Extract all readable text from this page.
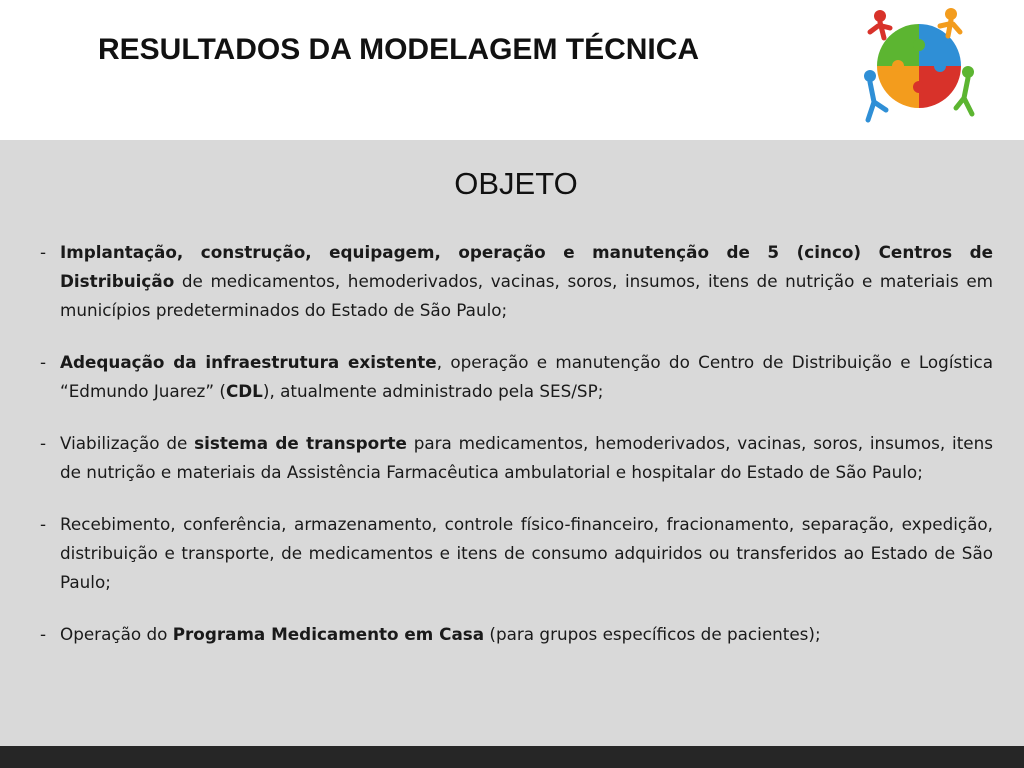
RESULTADOS DA MODELAGEM TÉCNICA
OBJETO
- Implantação, construção, equipagem, operação e manutenção de 5 (cinco) Centros de Distribuição de medicamentos, hemoderivados, vacinas, soros, insumos, itens de nutrição e materiais em municípios predeterminados do Estado de São Paulo;
- Adequação da infraestrutura existente, operação e manutenção do Centro de Distribuição e Logística “Edmundo Juarez” (CDL), atualmente administrado pela SES/SP;
- Viabilização de sistema de transporte para medicamentos, hemoderivados, vacinas, soros, insumos, itens de nutrição e materiais da Assistência Farmacêutica ambulatorial e hospitalar do Estado de São Paulo;
- Recebimento, conferência, armazenamento, controle físico-financeiro, fracionamento, separação, expedição, distribuição e transporte, de medicamentos e itens de consumo adquiridos ou transferidos ao Estado de São Paulo;
- Operação do Programa Medicamento em Casa (para grupos específicos de pacientes);
